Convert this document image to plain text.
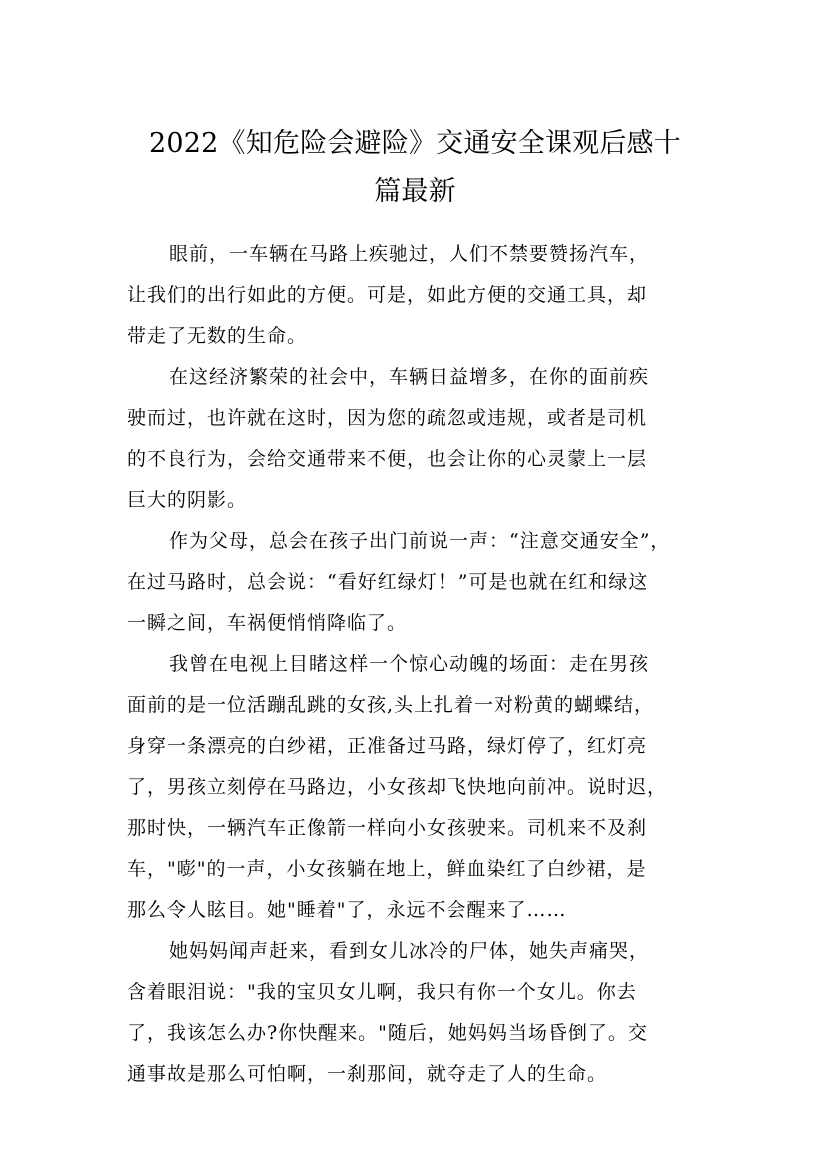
2022《知危险会避险》交通安全课观后感十
篇最新

眼前，一车辆在马路上疾驰过，人们不禁要赞扬汽车，
让我们的出行如此的方便。可是，如此方便的交通工具，却
带走了无数的生命。

在这经济繁荣的社会中，车辆日益增多，在你的面前疾
驶而过，也许就在这时，因为您的疏忽或违规，或者是司机
的不良行为，会给交通带来不便，也会让你的心灵蒙上一层
巨大的阴影。

作为父母，总会在孩子出门前说一声：“注意交通安全”，
在过马路时，总会说：“看好红绿灯！”可是也就在红和绿这
一瞬之间，车祸便悄悄降临了。

我曾在电视上目睹这样一个惊心动魄的场面：走在男孩
面前的是一位活蹦乱跳的女孩,头上扎着一对粉黄的蝴蝶结，
身穿一条漂亮的白纱裙，正准备过马路，绿灯停了，红灯亮
了，男孩立刻停在马路边，小女孩却飞快地向前冲。说时迟，
那时快，一辆汽车正像箭一样向小女孩驶来。司机来不及刹
车，"嘭"的一声，小女孩躺在地上，鲜血染红了白纱裙，是
那么令人眩目。她"睡着"了，永远不会醒来了……

她妈妈闻声赶来，看到女儿冰冷的尸体，她失声痛哭，
含着眼泪说："我的宝贝女儿啊，我只有你一个女儿。你去
了，我该怎么办?你快醒来。"随后，她妈妈当场昏倒了。交
通事故是那么可怕啊，一刹那间，就夺走了人的生命。
